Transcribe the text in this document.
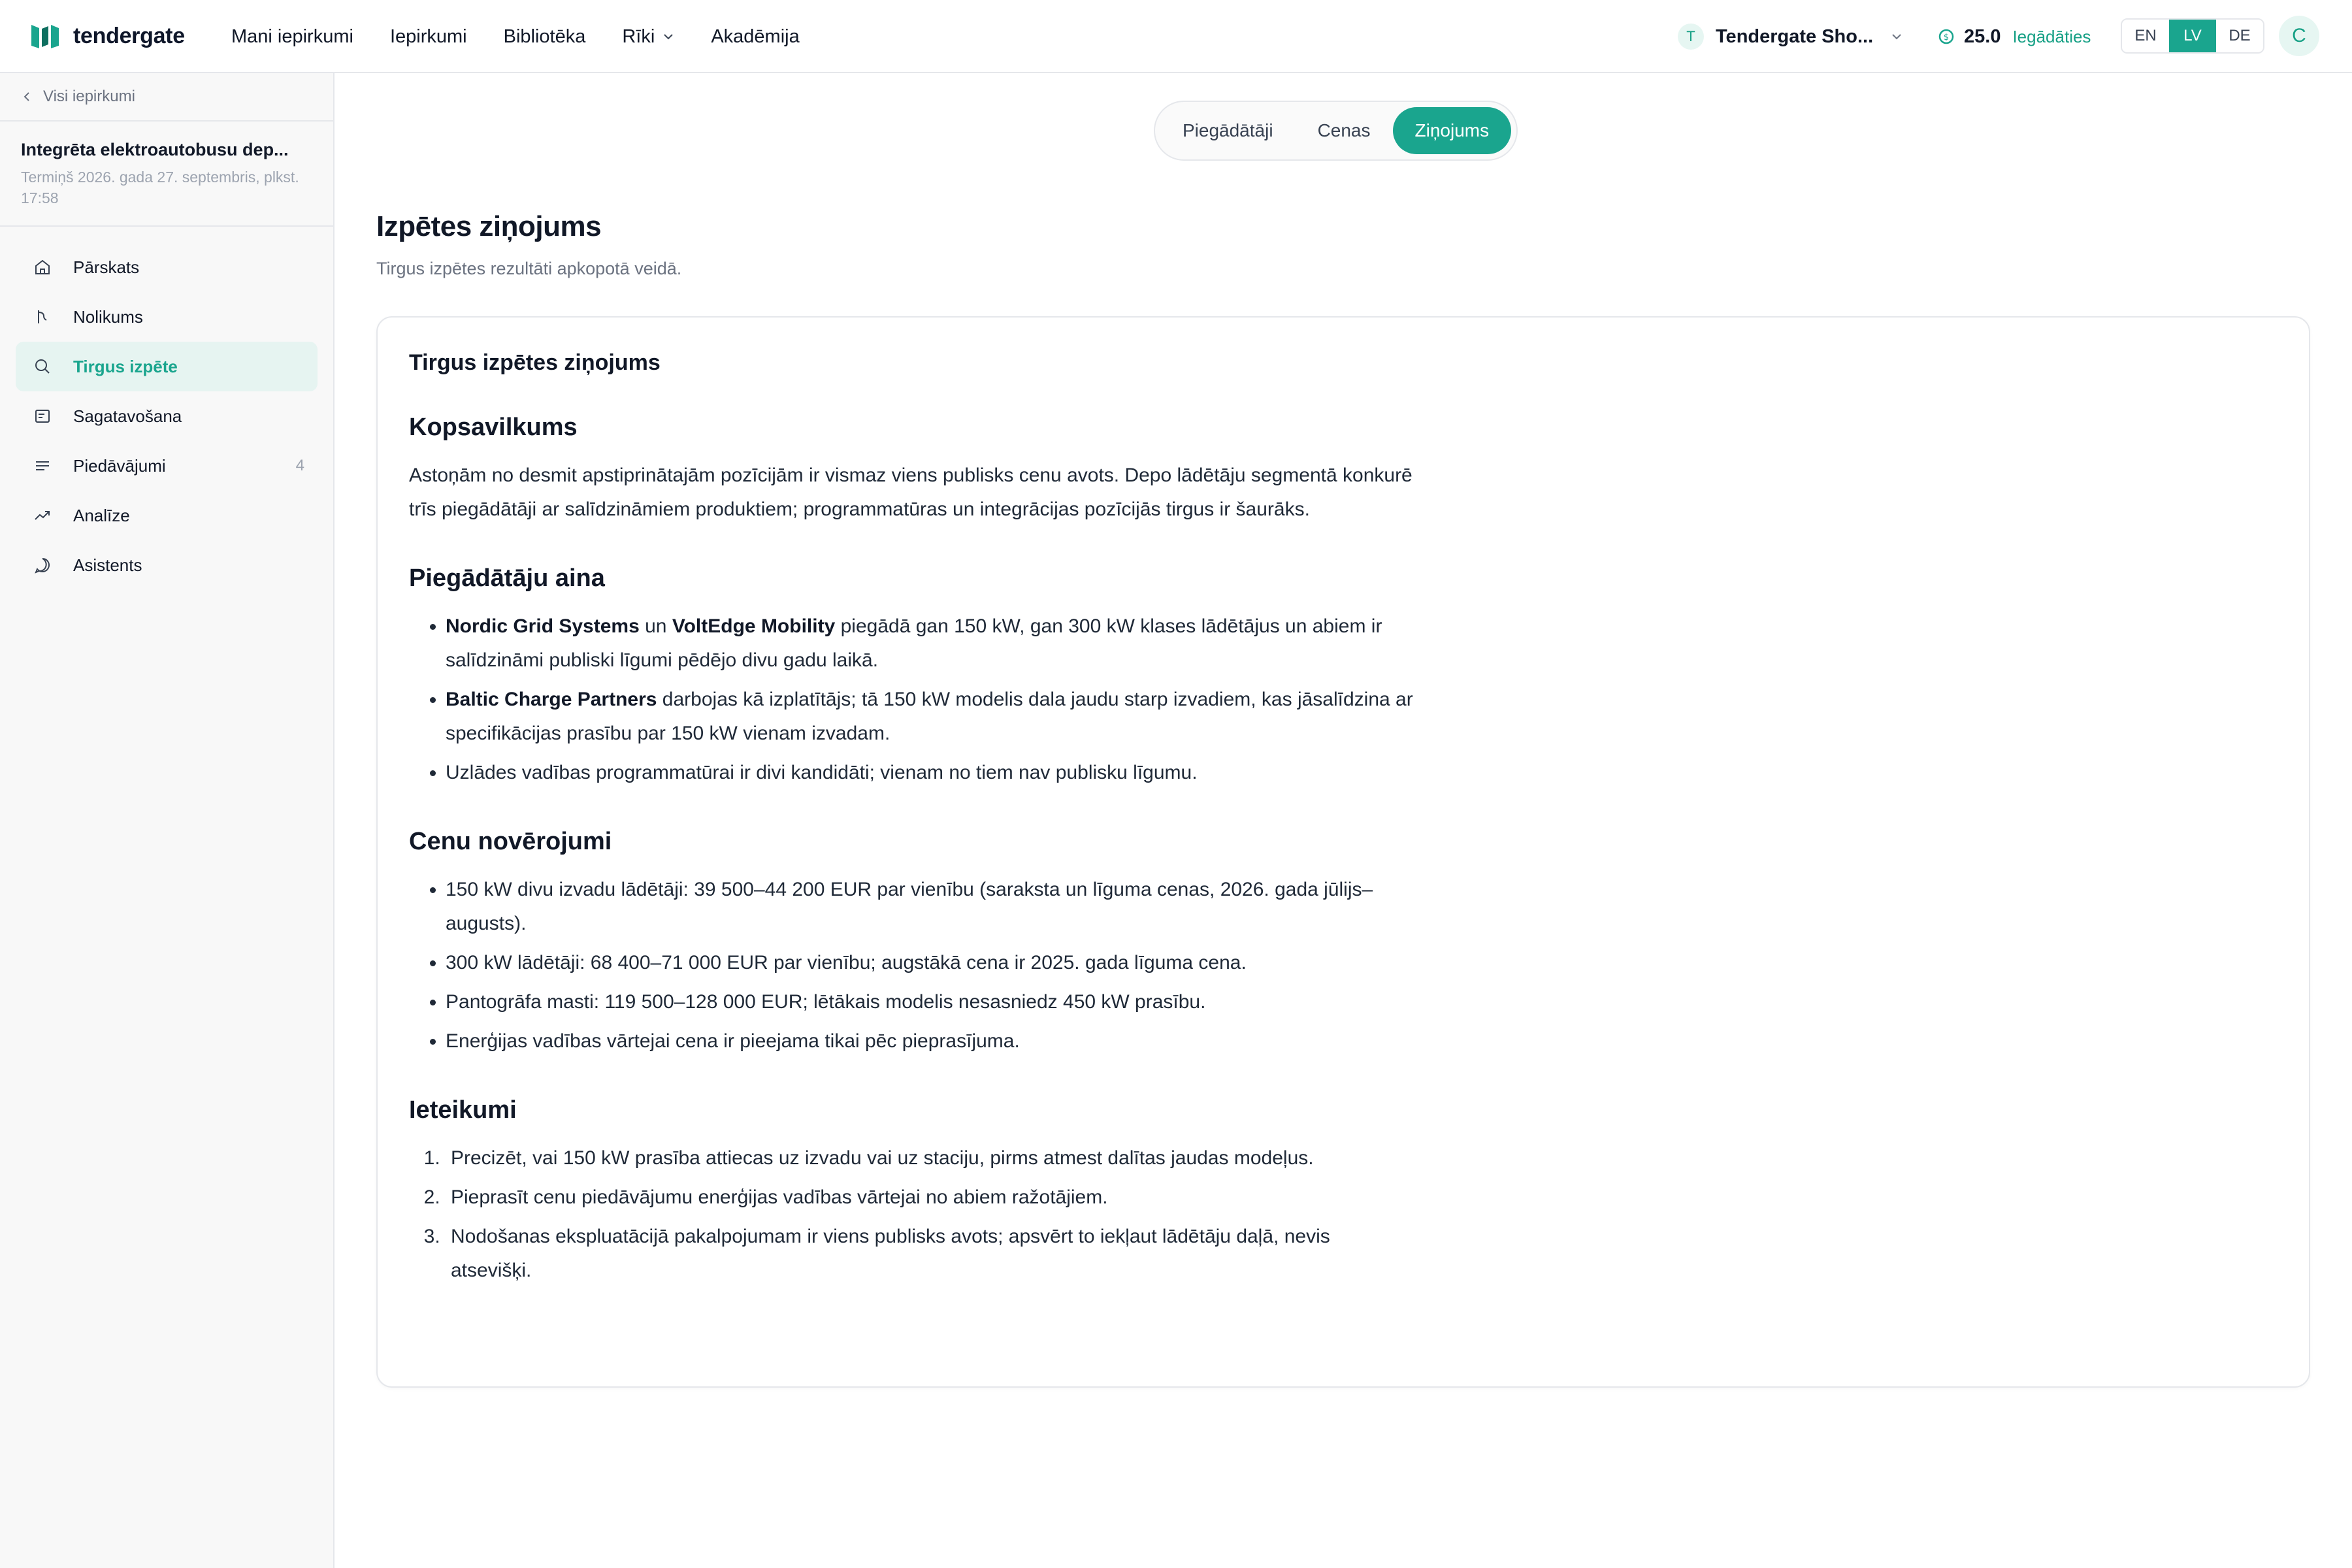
tendergate Mani iepirkumi Iepirkumi Bibliotēka Rīki	Akadēmija	T	Tendergate Sho...	$ 25.0 Iegādāties	EN	LV	DE	C
Visi iepirkumi
Integrēta elektroautobusu dep...
Termiņš 2026. gada 27. septembris, plkst. 17:58
Pārskats
Nolikums
Tirgus izpēte
Sagatavošana
Piedāvājumi	4
Analīze
Asistents
Piegādātāji	Cenas	Ziņojums
Izpētes ziņojums
Tirgus izpētes rezultāti apkopotā veidā.
Tirgus izpētes ziņojums
Kopsavilkums
Astoņām no desmit apstiprinātajām pozīcijām ir vismaz viens publisks cenu avots. Depo lādētāju segmentā konkurē trīs piegādātāji ar salīdzināmiem produktiem; programmatūras un integrācijas pozīcijās tirgus ir šaurāks.
Piegādātāju aina
• Nordic Grid Systems un VoltEdge Mobility piegādā gan 150 kW, gan 300 kW klases lādētājus un abiem ir salīdzināmi publiski līgumi pēdējo divu gadu laikā.
• Baltic Charge Partners darbojas kā izplatītājs; tā 150 kW modelis dala jaudu starp izvadiem, kas jāsalīdzina ar specifikācijas prasību par 150 kW vienam izvadam.
• Uzlādes vadības programmatūrai ir divi kandidāti; vienam no tiem nav publisku līgumu.
Cenu novērojumi
• 150 kW divu izvadu lādētāji: 39 500–44 200 EUR par vienību (saraksta un līguma cenas, 2026. gada jūlijs–augusts).
• 300 kW lādētāji: 68 400–71 000 EUR par vienību; augstākā cena ir 2025. gada līguma cena.
• Pantogrāfa masti: 119 500–128 000 EUR; lētākais modelis nesasniedz 450 kW prasību.
• Enerģijas vadības vārtejai cena ir pieejama tikai pēc pieprasījuma.
Ieteikumi
1. Precizēt, vai 150 kW prasība attiecas uz izvadu vai uz staciju, pirms atmest dalītas jaudas modeļus.
2. Pieprasīt cenu piedāvājumu enerģijas vadības vārtejai no abiem ražotājiem.
3. Nodošanas ekspluatācijā pakalpojumam ir viens publisks avots; apsvērt to iekļaut lādētāju daļā, nevis atsevišķi.
